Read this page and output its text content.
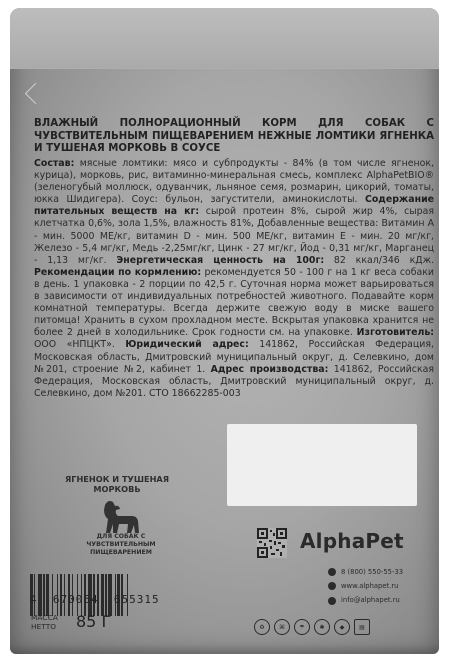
ВЛАЖНЫЙ ПОЛНОРАЦИОННЫЙ КОРМ ДЛЯ СОБАК С ЧУВСТВИТЕЛЬНЫМ ПИЩЕВАРЕНИЕМ НЕЖНЫЕ ЛОМТИКИ ЯГНЕНКА И ТУШЕНАЯ МОРКОВЬ В СОУСЕ
Состав: мясные ломтики: мясо и субпродукты - 84% (в том числе ягненок, курица), морковь, рис, витаминно-минеральная смесь, комплекс AlphaPetBIO® (зеленогубый моллюск, одуванчик, льняное семя, розмарин, цикорий, томаты, юкка Шидигера). Соус: бульон, загустители, аминокислоты. Содержание питательных веществ на кг: сырой протеин 8%, сырой жир 4%, сырая клетчатка 0,6%, зола 1,5%, влажность 81%, Добавленные вещества: Витамин А - мин. 5000 МЕ/кг, витамин D - мин. 500 МЕ/кг, витамин Е - мин. 20 мг/кг, Железо - 5,4 мг/кг, Медь -2,25мг/кг, Цинк - 27 мг/кг, Йод - 0,31 мг/кг, Марганец - 1,13 мг/кг. Энергетическая ценность на 100г: 82 ккал/346 кДж. Рекомендации по кормлению: рекомендуется 50 - 100 г на 1 кг веса собаки в день. 1 упаковка - 2 порции по 42,5 г. Суточная норма может варьироваться в зависимости от индивидуальных потребностей животного. Подавайте корм комнатной температуры. Всегда держите свежую воду в миске вашего питомца! Хранить в сухом прохладном месте. Вскрытая упаковка хранится не более 2 дней в холодильнике. Срок годности см. на упаковке. Изготовитель: ООО «НПЦКТ». Юридический адрес: 141862, Российская Федерация, Московская область, Дмитровский муниципальный округ, д. Селевкино, дом №201, строение №2, кабинет 1. Адрес производства: 141862, Российская Федерация, Московская область, Дмитровский муниципальный округ, д. Селевкино, дом №201. СТО 18662285-003
ЯГНЕНОК И ТУШЕНАЯ МОРКОВЬ
ДЛЯ СОБАК С ЧУВСТВИТЕЛЬНЫМ ПИЩЕВАРЕНИЕМ
4  670064  655315
МАССА
НЕТТО 85 Г
AlphaPet
8 (800) 550-55-33
www.alphapet.ru
info@alphapet.ru
♻	⌘	☂	✱	◆	▤
